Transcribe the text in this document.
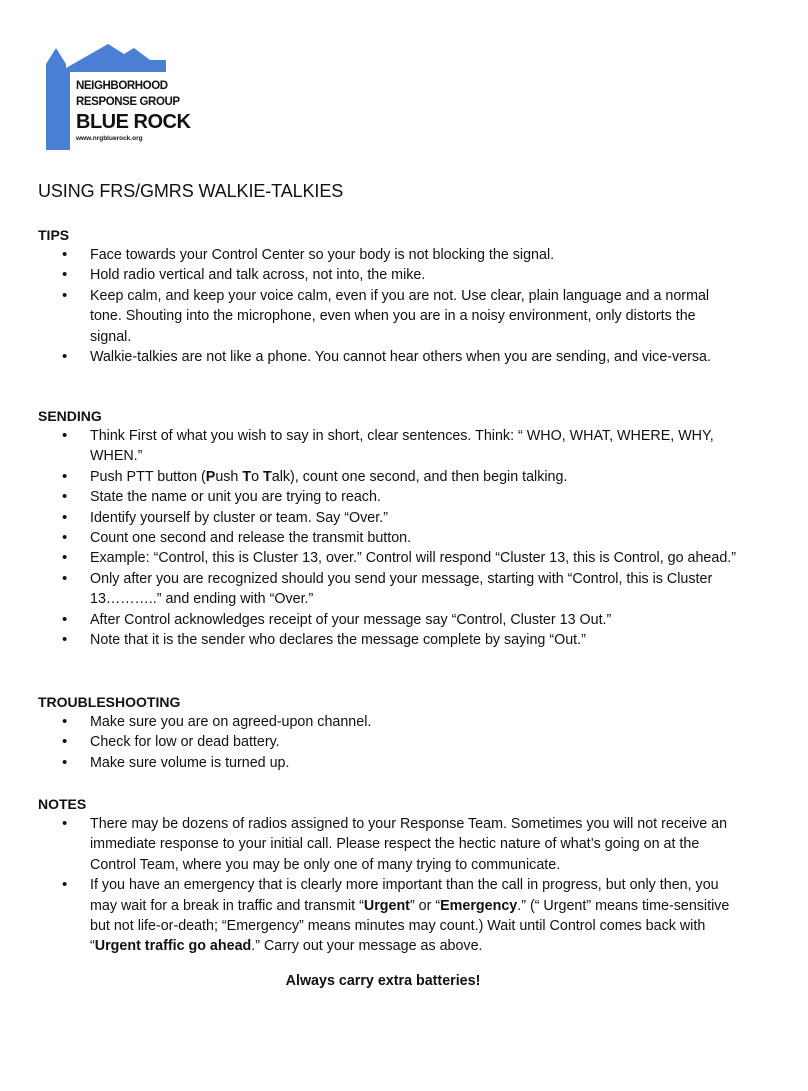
NEIGHBORHOOD
RESPONSE GROUP
BLUE ROCK
www.nrgbluerock.org
USING FRS/GMRS WALKIE-TALKIES
TIPS
• Face towards your Control Center so your body is not blocking the signal.
• Hold radio vertical and talk across, not into, the mike.
• Keep calm, and keep your voice calm, even if you are not. Use clear, plain language and a normal tone. Shouting into the microphone, even when you are in a noisy environment, only distorts the signal.
• Walkie-talkies are not like a phone. You cannot hear others when you are sending, and vice-versa.
SENDING
• Think First of what you wish to say in short, clear sentences. Think: “ WHO, WHAT, WHERE, WHY, WHEN.”
• Push PTT button (Push To Talk), count one second, and then begin talking.
• State the name or unit you are trying to reach.
• Identify yourself by cluster or team. Say “Over.”
• Count one second and release the transmit button.
• Example: “Control, this is Cluster 13, over.” Control will respond “Cluster 13, this is Control, go ahead.”
• Only after you are recognized should you send your message, starting with “Control, this is Cluster 13………..” and ending with “Over.”
• After Control acknowledges receipt of your message say “Control, Cluster 13 Out.”
• Note that it is the sender who declares the message complete by saying “Out.”
TROUBLESHOOTING
• Make sure you are on agreed-upon channel.
• Check for low or dead battery.
• Make sure volume is turned up.
NOTES
• There may be dozens of radios assigned to your Response Team. Sometimes you will not receive an immediate response to your initial call. Please respect the hectic nature of what’s going on at the Control Team, where you may be only one of many trying to communicate.
• If you have an emergency that is clearly more important than the call in progress, but only then, you may wait for a break in traffic and transmit “Urgent” or “Emergency.” (“ Urgent” means time-sensitive but not life-or-death; “Emergency” means minutes may count.) Wait until Control comes back with “Urgent traffic go ahead.” Carry out your message as above.
Always carry extra batteries!
